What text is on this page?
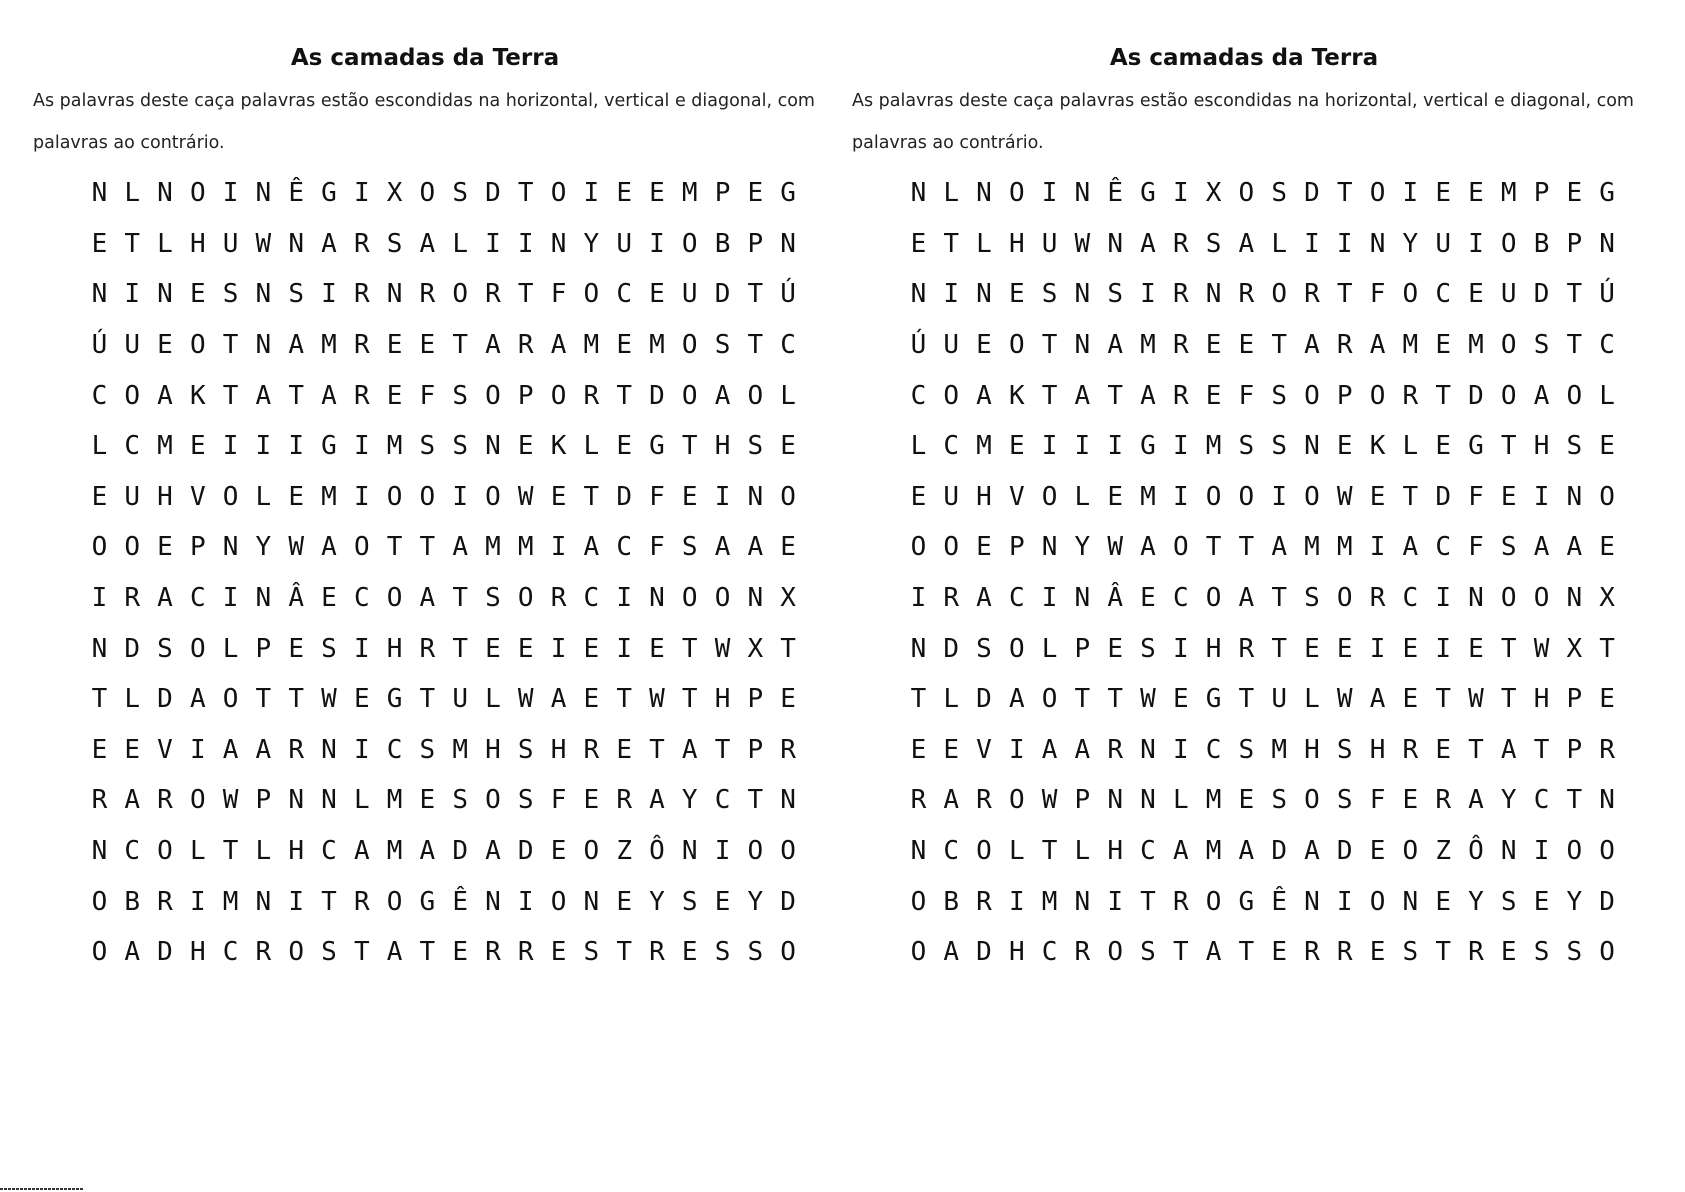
As camadas da Terra

As palavras deste caça palavras estão escondidas na horizontal, vertical e diagonal, com palavras ao contrário.

N L N O I N Ê G I X O S D T O I E E M P E G
E T L H U W N A R S A L I I N Y U I O B P N
N I N E S N S I R N R O R T F O C E U D T Ú
Ú U E O T N A M R E E T A R A M E M O S T C
C O A K T A T A R E F S O P O R T D O A O L
L C M E I I I G I M S S N E K L E G T H S E
E U H V O L E M I O O I O W E T D F E I N O
O O E P N Y W A O T T A M M I A C F S A A E
I R A C I N Â E C O A T S O R C I N O O N X
N D S O L P E S I H R T E E I E I E T W X T
T L D A O T T W E G T U L W A E T W T H P E
E E V I A A R N I C S M H S H R E T A T P R
R A R O W P N N L M E S O S F E R A Y C T N
N C O L T L H C A M A D A D E O Z Ô N I O O
O B R I M N I T R O G Ê N I O N E Y S E Y D
O A D H C R O S T A T E R R E S T R E S S O
As camadas da Terra

As palavras deste caça palavras estão escondidas na horizontal, vertical e diagonal, com palavras ao contrário.

N L N O I N Ê G I X O S D T O I E E M P E G
E T L H U W N A R S A L I I N Y U I O B P N
N I N E S N S I R N R O R T F O C E U D T Ú
Ú U E O T N A M R E E T A R A M E M O S T C
C O A K T A T A R E F S O P O R T D O A O L
L C M E I I I G I M S S N E K L E G T H S E
E U H V O L E M I O O I O W E T D F E I N O
O O E P N Y W A O T T A M M I A C F S A A E
I R A C I N Â E C O A T S O R C I N O O N X
N D S O L P E S I H R T E E I E I E T W X T
T L D A O T T W E G T U L W A E T W T H P E
E E V I A A R N I C S M H S H R E T A T P R
R A R O W P N N L M E S O S F E R A Y C T N
N C O L T L H C A M A D A D E O Z Ô N I O O
O B R I M N I T R O G Ê N I O N E Y S E Y D
O A D H C R O S T A T E R R E S T R E S S O
